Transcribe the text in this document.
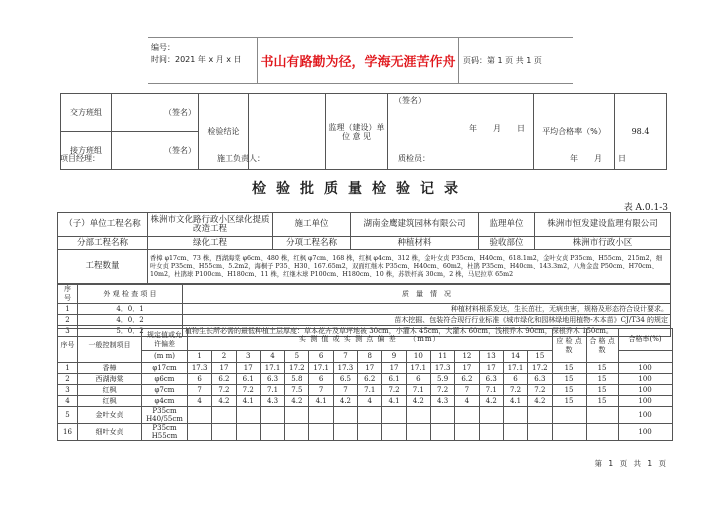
编号：
时间：2021 年 x 月 x 日	书山有路勤为径，学海无涯苦作舟 页码：第 1 页 共 1 页
交方班组	（签名）	检验结论		监理（建设）单 位 意 见	（签名）
年　　月　　日	平均合格率（%）	98.4
接方班组	（签名）						
项目经理：	施工负责人：	质检员：	年　　月　　日
检验批质量检验记录
表 A.0.1-3
（子）单位工程名称	株洲市文化路行政小区绿化提质改造工程	施工单位	湖南金鹰建筑园林有限公司	监理单位	株洲市恒发建设监理有限公司
分部工程名称	绿化工程	分项工程名称	种植材料	验收部位	株洲市行政小区
工程数量	香樟 φ17cm、73 株，西湖海棠 φ6cm、480 株，红枫 φ7cm、168 株，红枫 φ4cm、312 株，金叶女贞 P35cm、H40cm、618.1m2，金叶女贞 P35cm、H55cm、215m2，细叶女贞 P35cm、H55cm、5.2m2，海桐子 P35、H30、167.65m2，双面红继木 P35cm、H40cm、60m2，杜鹃 P35cm、H40cm、143.3m2，八角金盘 P50cm、H70cm、10m2，杜鹃球 P100cm、H180cm、11 株，红继木球 P100cm、H180cm、10 株，苏铁杆高 30cm，2 株，马尼拉草 65m2				
序 号	外 观 检 查 项 目	质　量　情　况
1	4．0．1	种植材料根系发达，生长茁壮，无病虫害，规格及形态符合设计要求。
2	4．0．2	苗木挖掘、包装符合现行行业标准《城市绿化和园林绿地用植物-木本苗》CJ/T34 的规定
3	5．0．2	植物生长所必需的最低种植土层厚度：草本花卉及草坪地被 30cm，小灌木 45cm，大灌木 60cm，浅根乔木 90cm，深根乔木 150cm。
序号	一般控制项目	规定值或允许偏差	实 测 值 或 实 测 点 偏 差　　（mm）															应 检 点 数	合 格 点 数	合格率(%)
		(m m)	1	2	3	4	5	6	7	8	9	10	11	12	13	14	15			
1	香樟	φ17cm	17.3	17	17	17.1	17.2	17.1	17.3	17	17	17.1	17.3	17	17	17.1	17.2	15	15	100
2	西湖海棠	φ6cm	6	6.2	6.1	6.3	5.8	6	6.5	6.2	6.1	6	5.9	6.2	6.3	6	6.3	15	15	100
3	红枫	φ7cm	7	7.2	7.2	7.1	7.5	7	7	7.1	7.2	7.1	7.2	7	7.1	7.2	7.2	15	15	100
4	红枫	φ4cm	4	4.2	4.1	4.3	4.2	4.1	4.2	4	4.1	4.2	4.3	4	4.2	4.1	4.2	15	15	100
5	金叶女贞	P35cm H40/55cm																		100
16	细叶女贞	P35cm H55cm																		100
第 1 页 共 1 页
